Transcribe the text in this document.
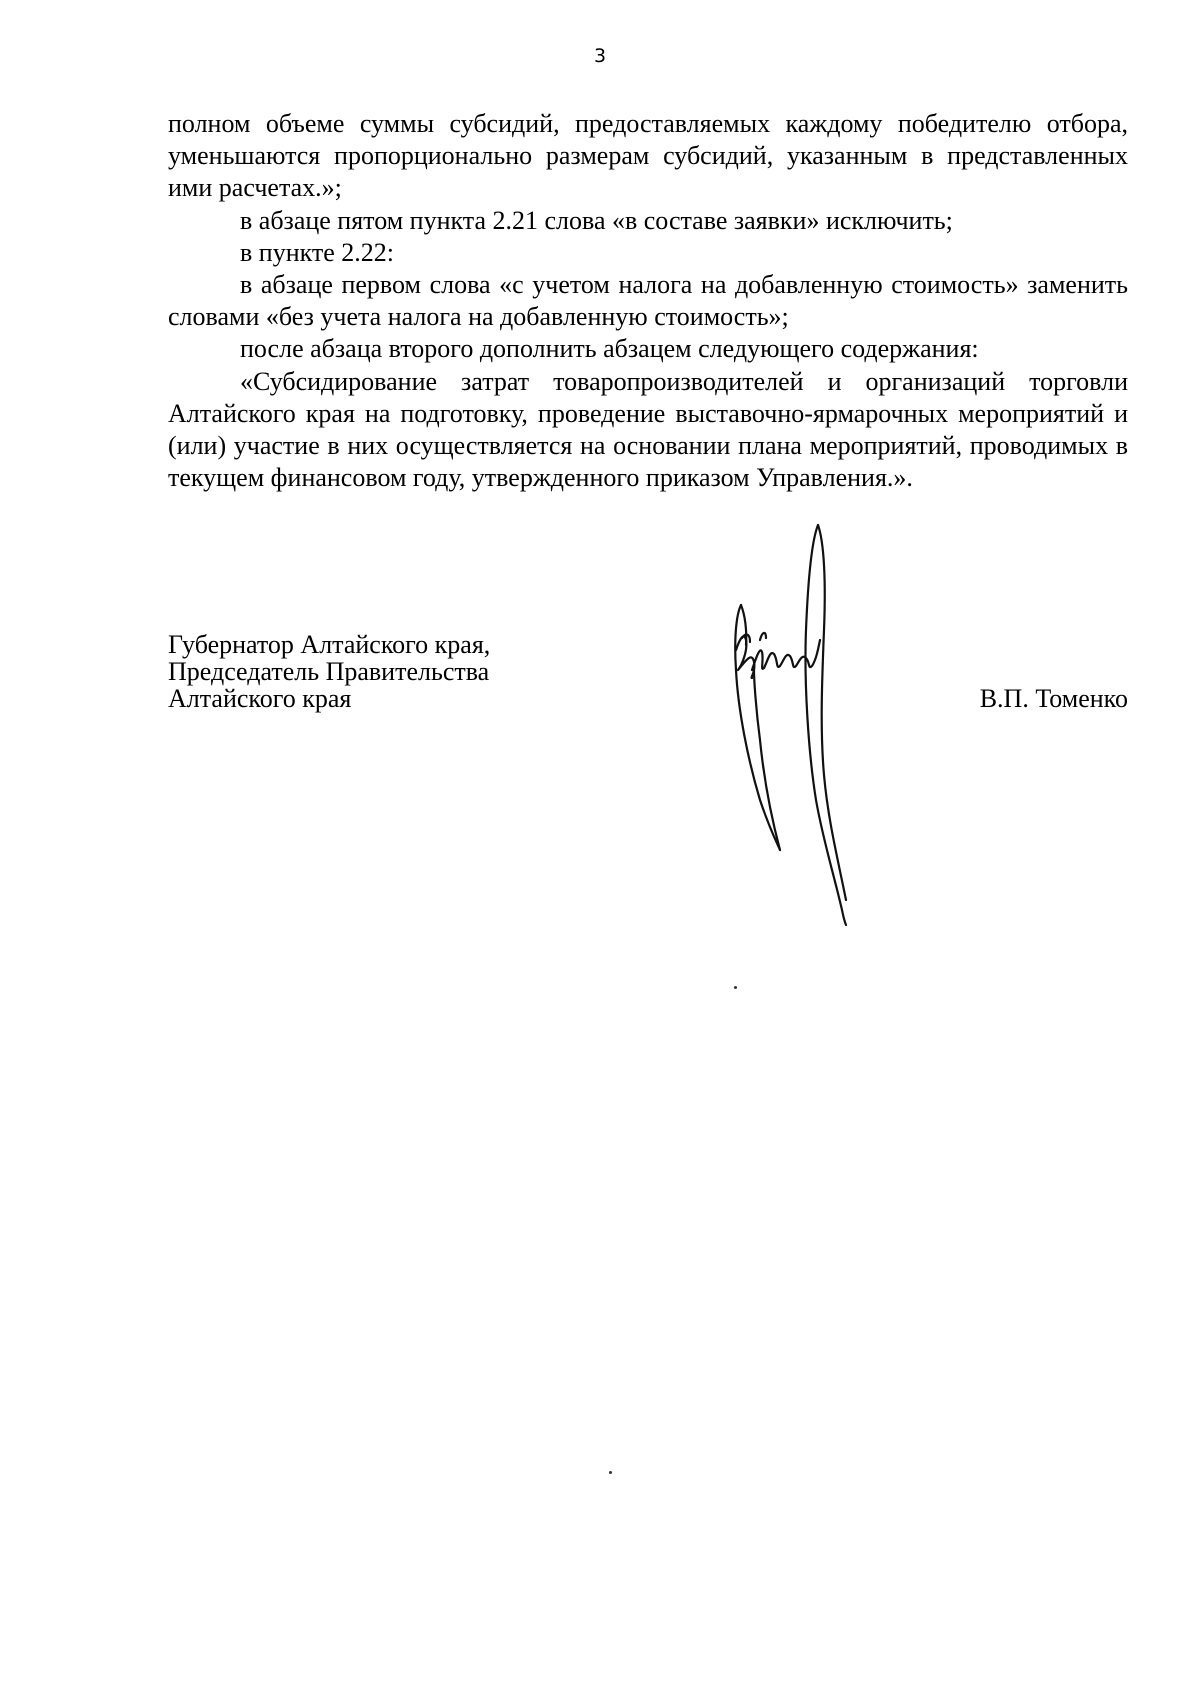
3

полном объеме суммы субсидий, предоставляемых каждому победителю отбора, уменьшаются пропорционально размерам субсидий, указанным в представленных ими расчетах.»;

в абзаце пятом пункта 2.21 слова «в составе заявки» исключить;

в пункте 2.22:

в абзаце первом слова «с учетом налога на добавленную стоимость» заменить словами «без учета налога на добавленную стоимость»;

после абзаца второго дополнить абзацем следующего содержания:

«Субсидирование затрат товаропроизводителей и организаций торговли Алтайского края на подготовку, проведение выставочно-ярмарочных мероприятий и (или) участие в них осуществляется на основании плана мероприятий, проводимых в текущем финансовом году, утвержденного приказом Управления.».

Губернатор Алтайского края,
Председатель Правительства
Алтайского края	В.П. Томенко
